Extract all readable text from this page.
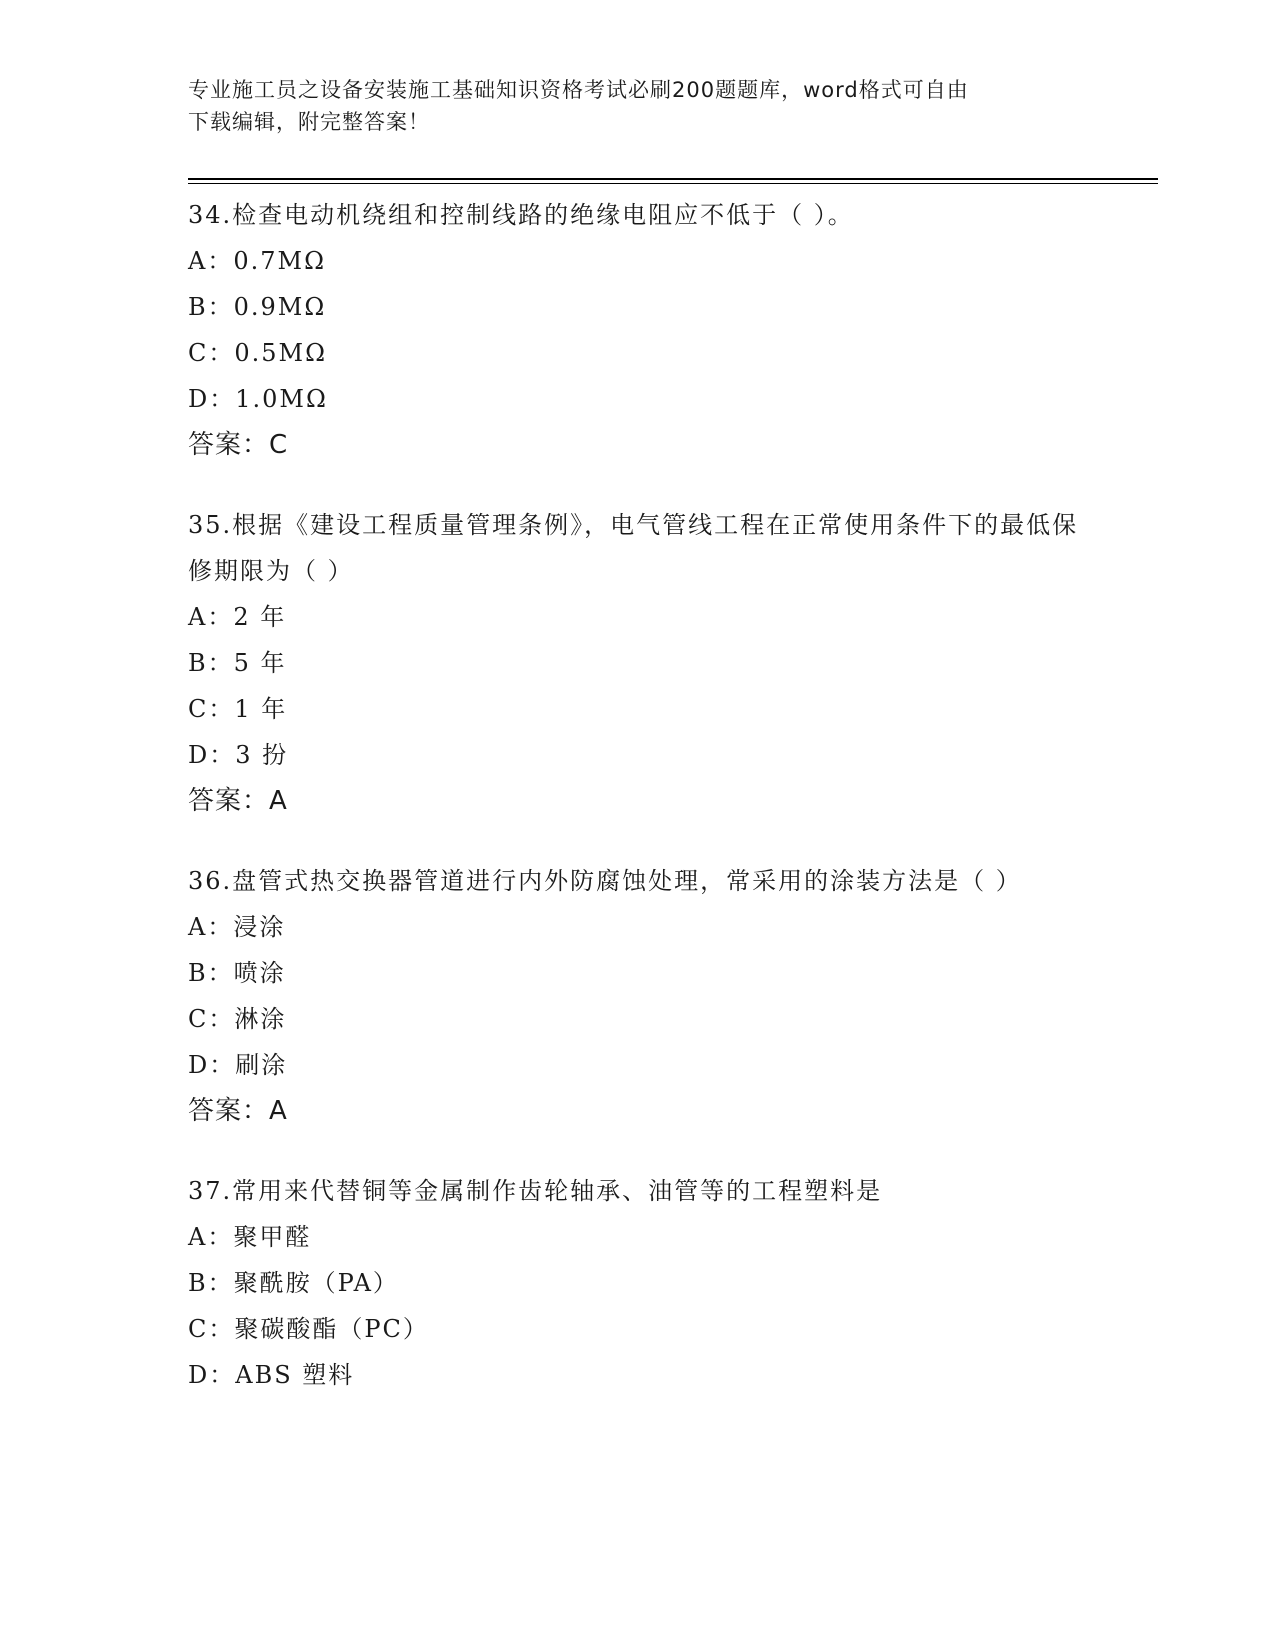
专业施工员之设备安装施工基础知识资格考试必刷200题题库，word格式可自由
下载编辑，附完整答案！
34.检查电动机绕组和控制线路的绝缘电阻应不低于（ ）。
A：0.7MΩ
B：0.9MΩ
C：0.5MΩ
D：1.0MΩ
答案：C
35.根据《建设工程质量管理条例》，电气管线工程在正常使用条件下的最低保修期限为（ ）
A：2 年
B：5 年
C：1 年
D：3 扮
答案：A
36.盘管式热交换器管道进行内外防腐蚀处理，常采用的涂装方法是（ ）
A：浸涂
B：喷涂
C：淋涂
D：刷涂
答案：A
37.常用来代替铜等金属制作齿轮轴承、油管等的工程塑料是
A：聚甲醛
B：聚酰胺（PA）
C：聚碳酸酯（PC）
D：ABS 塑料
